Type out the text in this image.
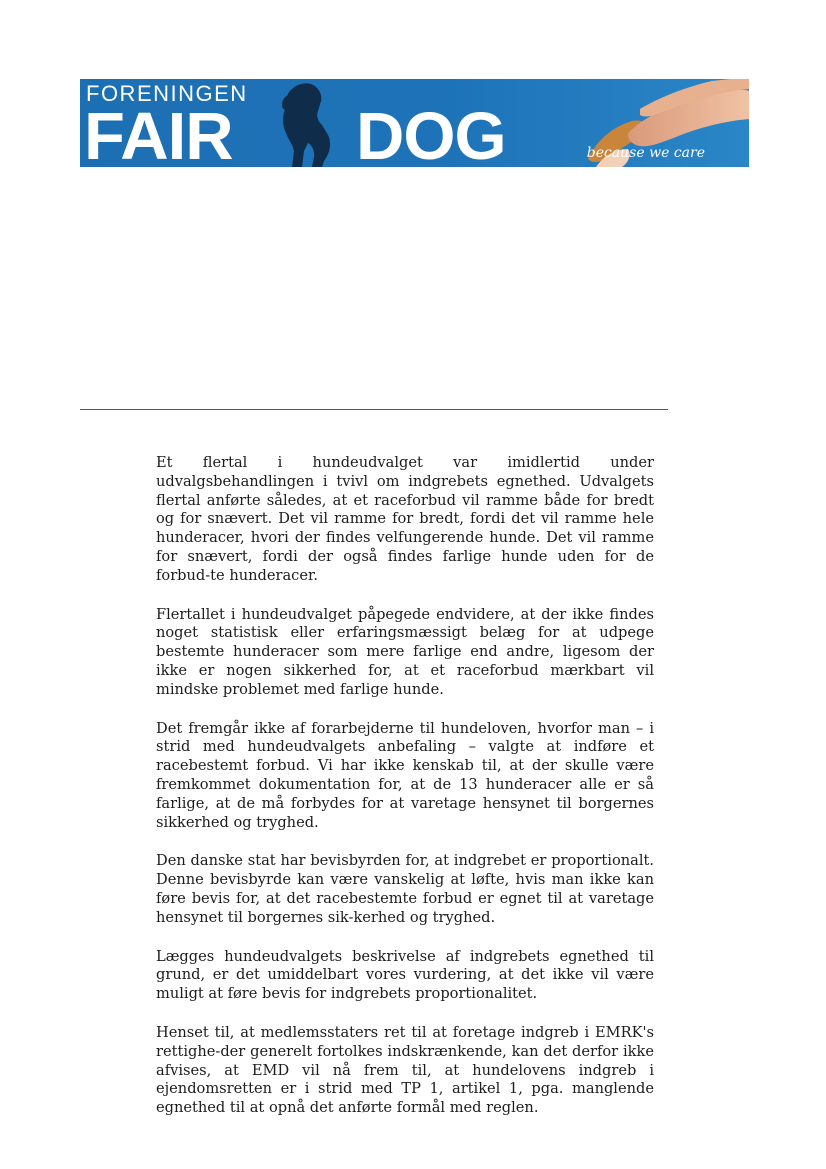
FORENINGEN
FAIR DOG	because we care

Et flertal i hundeudvalget var imidlertid under udvalgsbehandlingen i tvivl om indgrebets egnethed. Udvalgets flertal anførte således, at et raceforbud vil ramme både for bredt og for snævert. Det vil ramme for bredt, fordi det vil ramme hele hunderacer, hvori der findes velfungerende hunde. Det vil ramme for snævert, fordi der også findes farlige hunde uden for de forbud-te hunderacer.

Flertallet i hundeudvalget påpegede endvidere, at der ikke findes noget statistisk eller erfaringsmæssigt belæg for at udpege bestemte hunderacer som mere farlige end andre, ligesom der ikke er nogen sikkerhed for, at et raceforbud mærkbart vil mindske problemet med farlige hunde.

Det fremgår ikke af forarbejderne til hundeloven, hvorfor man – i strid med hundeudvalgets anbefaling – valgte at indføre et racebestemt forbud. Vi har ikke kenskab til, at der skulle være fremkommet dokumentation for, at de 13 hunderacer alle er så farlige, at de må forbydes for at varetage hensynet til borgernes sikkerhed og tryghed.

Den danske stat har bevisbyrden for, at indgrebet er proportionalt. Denne bevisbyrde kan være vanskelig at løfte, hvis man ikke kan føre bevis for, at det racebestemte forbud er egnet til at varetage hensynet til borgernes sik-kerhed og tryghed.

Lægges hundeudvalgets beskrivelse af indgrebets egnethed til grund, er det umiddelbart vores vurdering, at det ikke vil være muligt at føre bevis for indgrebets proportionalitet.

Henset til, at medlemsstaters ret til at foretage indgreb i EMRK's rettighe-der generelt fortolkes indskrænkende, kan det derfor ikke afvises, at EMD vil nå frem til, at hundelovens indgreb i ejendomsretten er i strid med TP 1, artikel 1, pga. manglende egnethed til at opnå det anførte formål med reglen.
